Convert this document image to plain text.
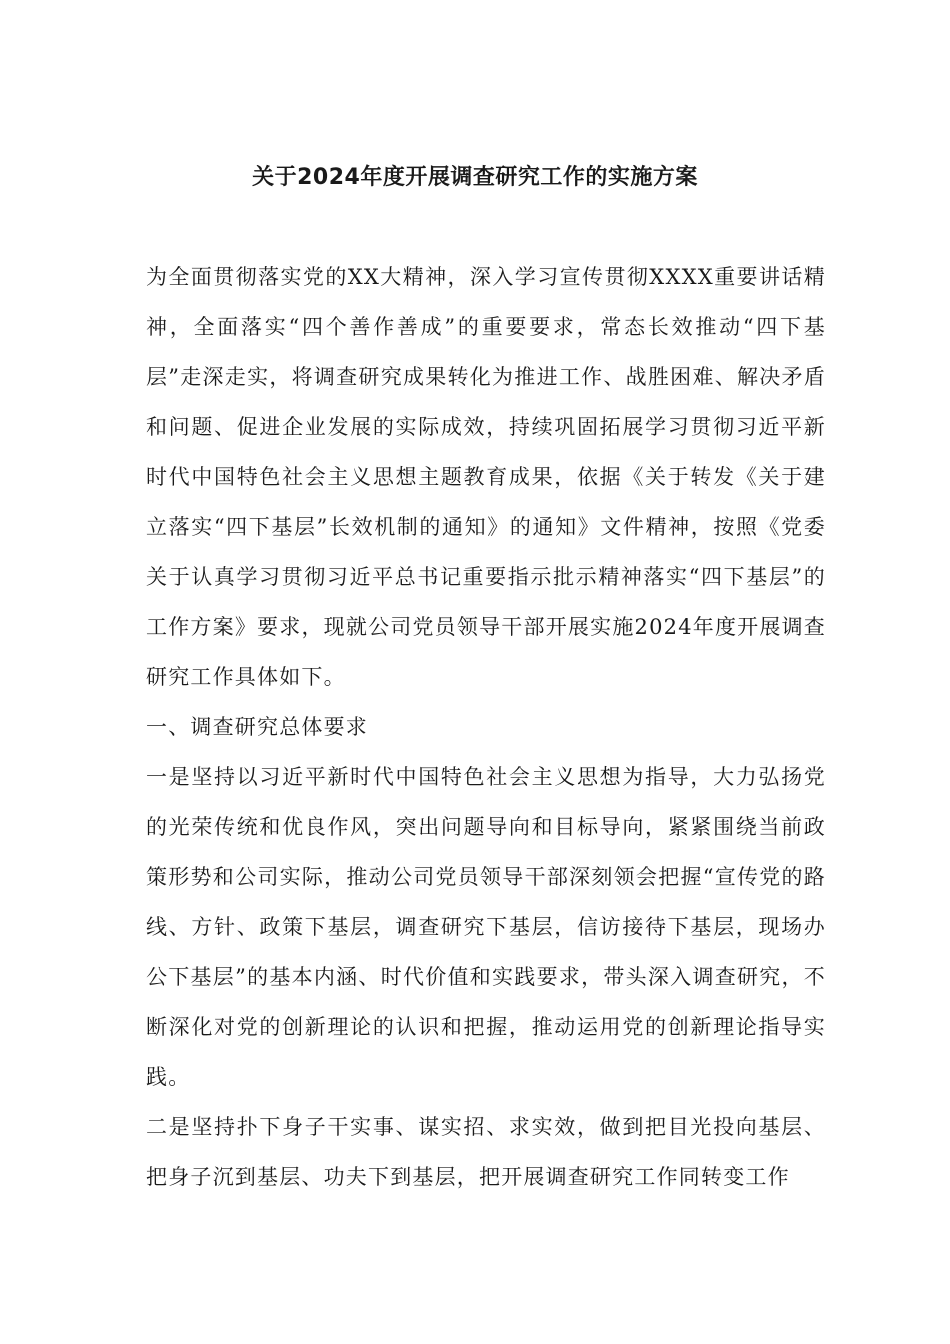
关于2024年度开展调查研究工作的实施方案

为全面贯彻落实党的XX大精神，深入学习宣传贯彻XXXX重要讲话精神，全面落实“四个善作善成”的重要要求，常态长效推动“四下基层”走深走实，将调查研究成果转化为推进工作、战胜困难、解决矛盾和问题、促进企业发展的实际成效，持续巩固拓展学习贯彻习近平新时代中国特色社会主义思想主题教育成果，依据《关于转发《关于建立落实“四下基层”长效机制的通知》的通知》文件精神，按照《党委关于认真学习贯彻习近平总书记重要指示批示精神落实“四下基层”的工作方案》要求，现就公司党员领导干部开展实施2024年度开展调查研究工作具体如下。

一、调查研究总体要求

一是坚持以习近平新时代中国特色社会主义思想为指导，大力弘扬党的光荣传统和优良作风，突出问题导向和目标导向，紧紧围绕当前政策形势和公司实际，推动公司党员领导干部深刻领会把握“宣传党的路线、方针、政策下基层，调查研究下基层，信访接待下基层，现场办公下基层”的基本内涵、时代价值和实践要求，带头深入调查研究，不断深化对党的创新理论的认识和把握，推动运用党的创新理论指导实践。

二是坚持扑下身子干实事、谋实招、求实效，做到把目光投向基层、把身子沉到基层、功夫下到基层，把开展调查研究工作同转变工作
